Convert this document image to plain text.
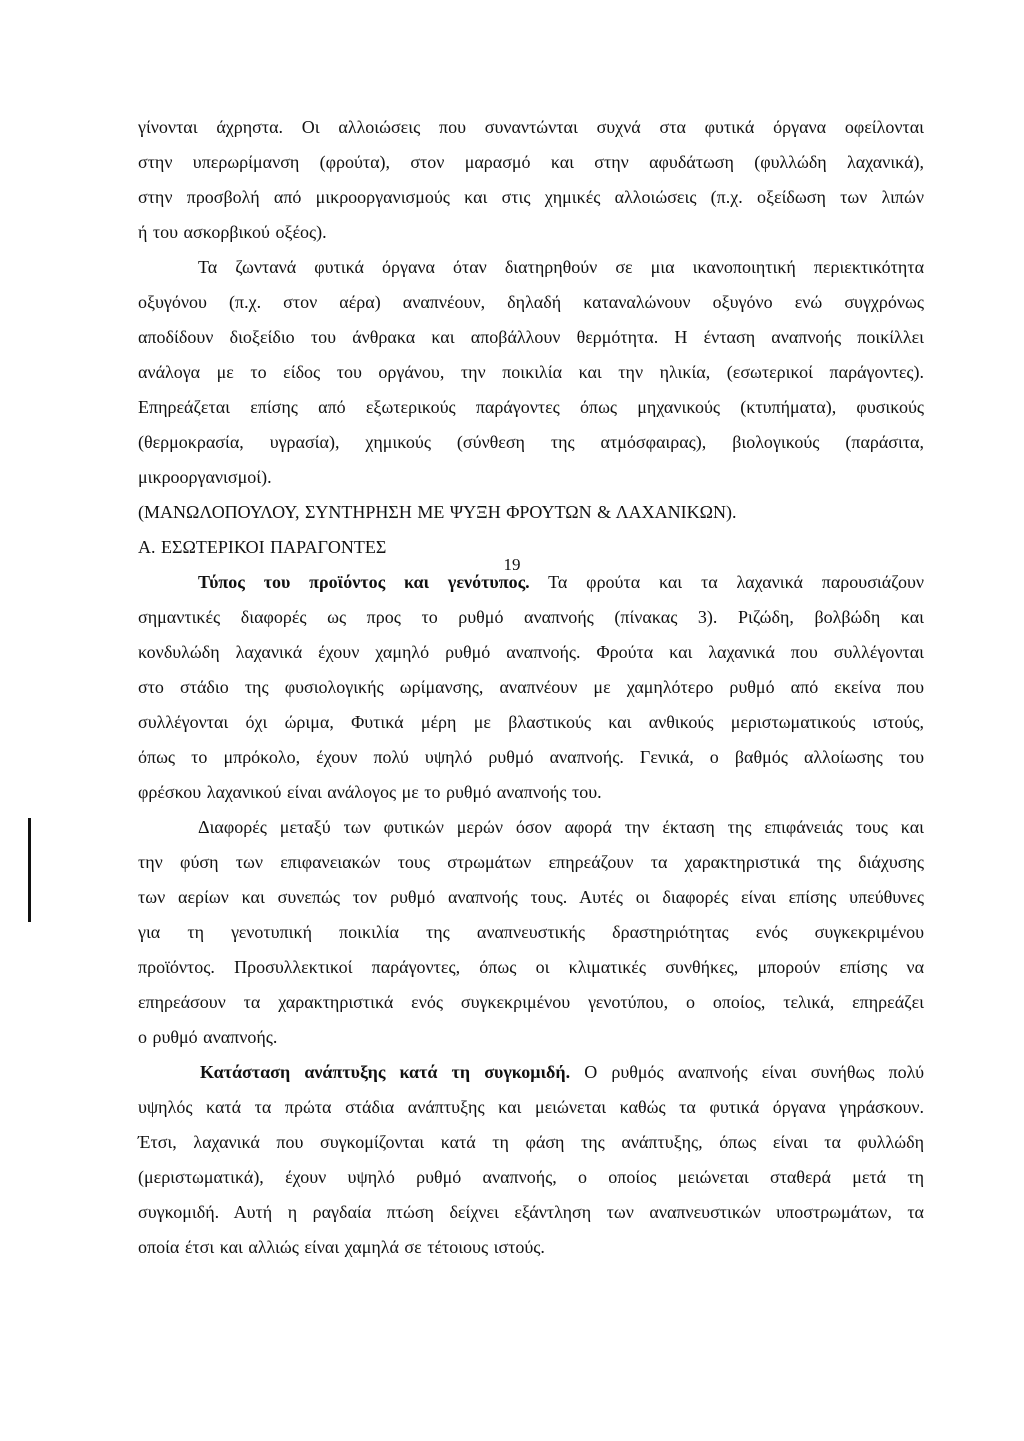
γίνονται άχρηστα. Οι αλλοιώσεις που συναντώνται συχνά στα φυτικά όργανα οφείλονται
στην υπερωρίμανση (φρούτα), στον μαρασμό και στην αφυδάτωση (φυλλώδη λαχανικά),
στην προσβολή από μικροοργανισμούς και στις χημικές αλλοιώσεις (π.χ. οξείδωση των λιπών
ή του ασκορβικού οξέος).
Τα ζωντανά φυτικά όργανα όταν διατηρηθούν σε μια ικανοποιητική περιεκτικότητα
οξυγόνου (π.χ. στον αέρα) αναπνέουν, δηλαδή καταναλώνουν οξυγόνο ενώ συγχρόνως
αποδίδουν διοξείδιο του άνθρακα και αποβάλλουν θερμότητα. Η ένταση αναπνοής ποικίλλει
ανάλογα με το είδος του οργάνου, την ποικιλία και την ηλικία, (εσωτερικοί παράγοντες).
Επηρεάζεται επίσης από εξωτερικούς παράγοντες όπως μηχανικούς (κτυπήματα), φυσικούς
(θερμοκρασία, υγρασία), χημικούς (σύνθεση της ατμόσφαιρας), βιολογικούς (παράσιτα,
μικροοργανισμοί).
(ΜΑΝΩΛΟΠΟΥΛΟΥ, ΣΥΝΤΗΡΗΣΗ ΜΕ ΨΥΞΗ ΦΡΟΥΤΩΝ & ΛΑΧΑΝΙΚΩΝ).
Α. ΕΣΩΤΕΡΙΚΟΙ ΠΑΡΑΓΟΝΤΕΣ
Τύπος του προϊόντος και γενότυπος. Τα φρούτα και τα λαχανικά παρουσιάζουν
σημαντικές διαφορές ως προς το ρυθμό αναπνοής (πίνακας 3). Ριζώδη, βολβώδη και
κονδυλώδη λαχανικά έχουν χαμηλό ρυθμό αναπνοής. Φρούτα και λαχανικά που συλλέγονται
στο στάδιο της φυσιολογικής ωρίμανσης, αναπνέουν με χαμηλότερο ρυθμό από εκείνα που
συλλέγονται όχι ώριμα, Φυτικά μέρη με βλαστικούς και ανθικούς μεριστωματικούς ιστούς,
όπως το μπρόκολο, έχουν πολύ υψηλό ρυθμό αναπνοής. Γενικά, ο βαθμός αλλοίωσης του
φρέσκου λαχανικού είναι ανάλογος με το ρυθμό αναπνοής του.
Διαφορές μεταξύ των φυτικών μερών όσον αφορά την έκταση της επιφάνειάς τους και
την φύση των επιφανειακών τους στρωμάτων επηρεάζουν τα χαρακτηριστικά της διάχυσης
των αερίων και συνεπώς τον ρυθμό αναπνοής τους. Αυτές οι διαφορές είναι επίσης υπεύθυνες
για τη γενοτυπική ποικιλία της αναπνευστικής δραστηριότητας ενός συγκεκριμένου
προϊόντος. Προσυλλεκτικοί παράγοντες, όπως οι κλιματικές συνθήκες, μπορούν επίσης να
επηρεάσουν τα χαρακτηριστικά ενός συγκεκριμένου γενοτύπου, ο οποίος, τελικά, επηρεάζει
ο ρυθμό αναπνοής.
Κατάσταση ανάπτυξης κατά τη συγκομιδή. Ο ρυθμός αναπνοής είναι συνήθως πολύ
υψηλός κατά τα πρώτα στάδια ανάπτυξης και μειώνεται καθώς τα φυτικά όργανα γηράσκουν.
Έτσι, λαχανικά που συγκομίζονται κατά τη φάση της ανάπτυξης, όπως είναι τα φυλλώδη
(μεριστωματικά), έχουν υψηλό ρυθμό αναπνοής, ο οποίος μειώνεται σταθερά μετά τη
συγκομιδή. Αυτή η ραγδαία πτώση δείχνει εξάντληση των αναπνευστικών υποστρωμάτων, τα
οποία έτσι και αλλιώς είναι χαμηλά σε τέτοιους ιστούς.
19
